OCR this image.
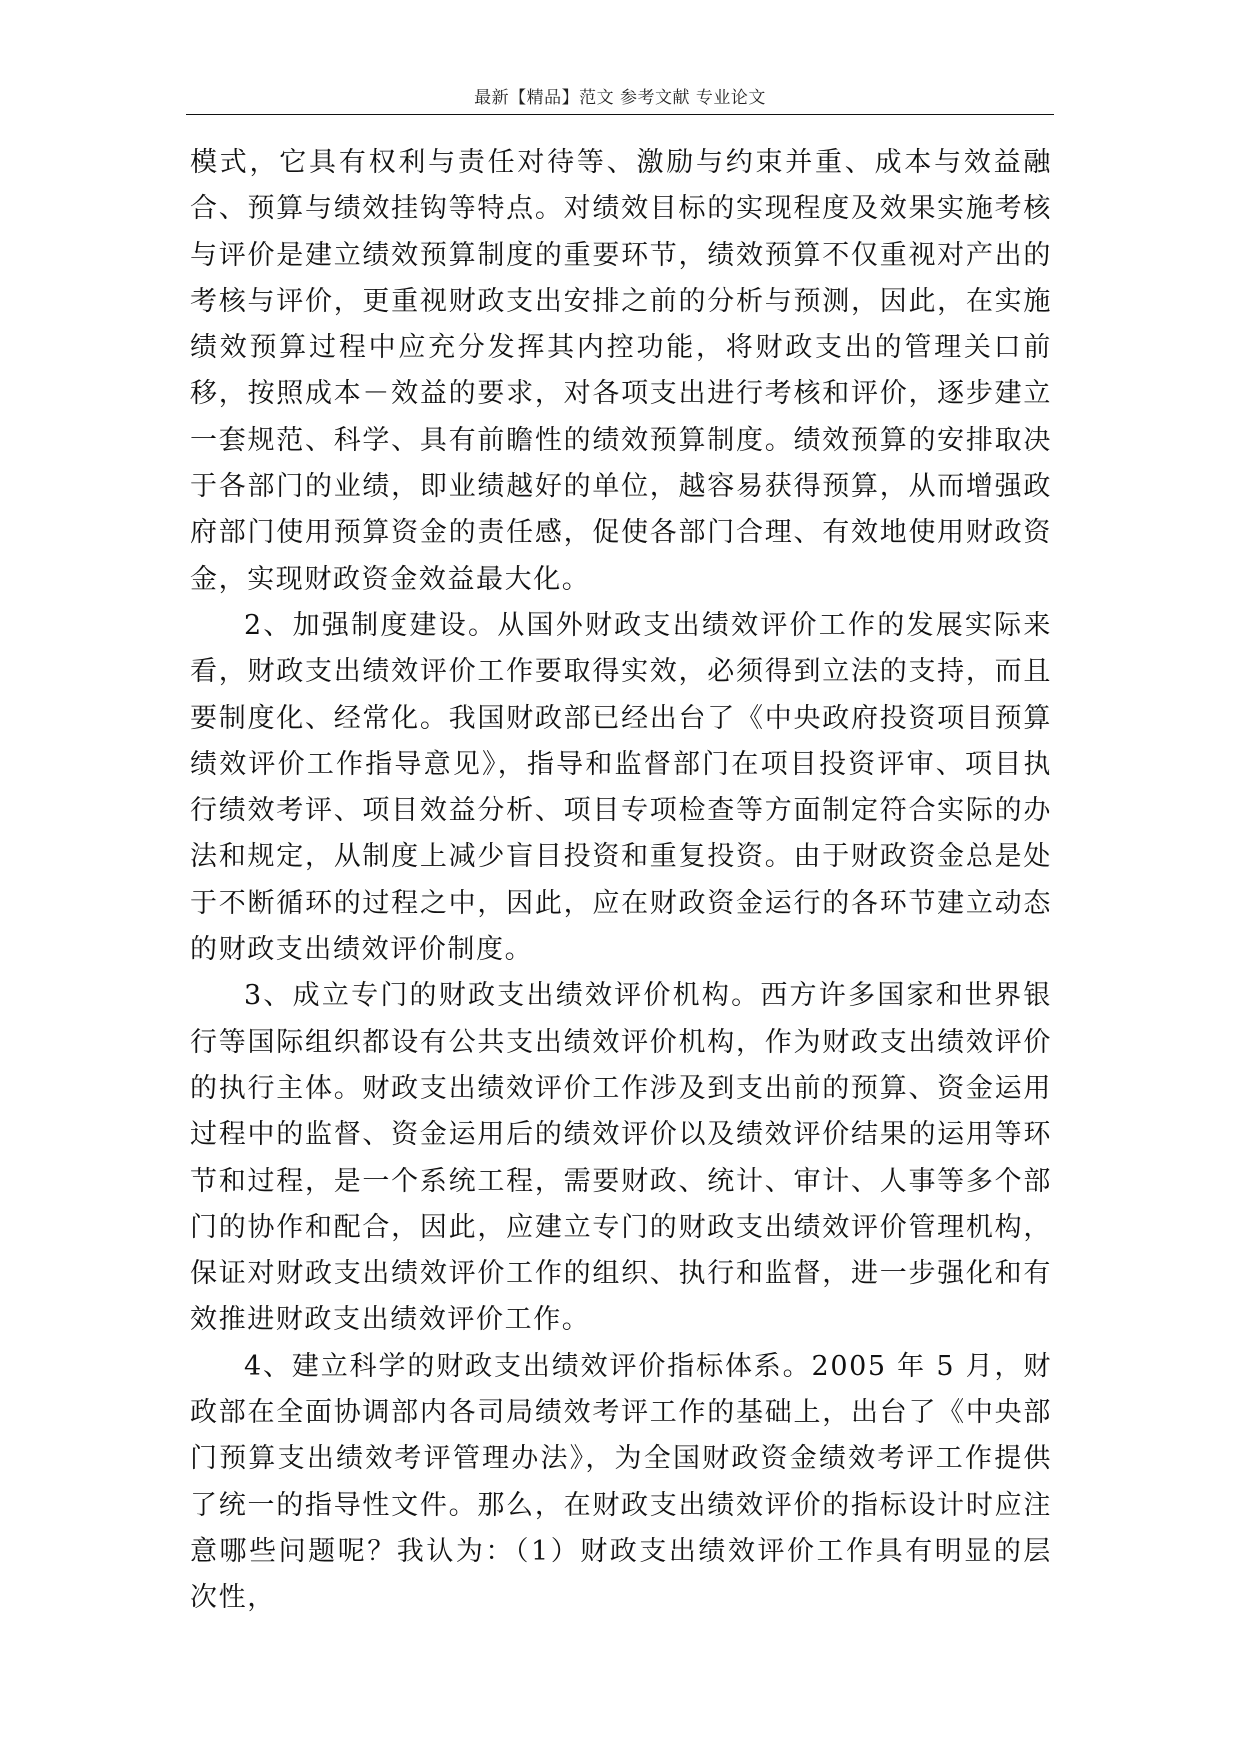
最新【精品】范文 参考文献 专业论文

模式，它具有权利与责任对待等、激励与约束并重、成本与效益融合、预算与绩效挂钩等特点。对绩效目标的实现程度及效果实施考核与评价是建立绩效预算制度的重要环节，绩效预算不仅重视对产出的考核与评价，更重视财政支出安排之前的分析与预测，因此，在实施绩效预算过程中应充分发挥其内控功能，将财政支出的管理关口前移，按照成本－效益的要求，对各项支出进行考核和评价，逐步建立一套规范、科学、具有前瞻性的绩效预算制度。绩效预算的安排取决于各部门的业绩，即业绩越好的单位，越容易获得预算，从而增强政府部门使用预算资金的责任感，促使各部门合理、有效地使用财政资金，实现财政资金效益最大化。

2、加强制度建设。从国外财政支出绩效评价工作的发展实际来看，财政支出绩效评价工作要取得实效，必须得到立法的支持，而且要制度化、经常化。我国财政部已经出台了《中央政府投资项目预算绩效评价工作指导意见》，指导和监督部门在项目投资评审、项目执行绩效考评、项目效益分析、项目专项检查等方面制定符合实际的办法和规定，从制度上减少盲目投资和重复投资。由于财政资金总是处于不断循环的过程之中，因此，应在财政资金运行的各环节建立动态的财政支出绩效评价制度。

3、成立专门的财政支出绩效评价机构。西方许多国家和世界银行等国际组织都设有公共支出绩效评价机构，作为财政支出绩效评价的执行主体。财政支出绩效评价工作涉及到支出前的预算、资金运用过程中的监督、资金运用后的绩效评价以及绩效评价结果的运用等环节和过程，是一个系统工程，需要财政、统计、审计、人事等多个部门的协作和配合，因此，应建立专门的财政支出绩效评价管理机构，保证对财政支出绩效评价工作的组织、执行和监督，进一步强化和有效推进财政支出绩效评价工作。

4、建立科学的财政支出绩效评价指标体系。2005 年 5 月，财政部在全面协调部内各司局绩效考评工作的基础上，出台了《中央部门预算支出绩效考评管理办法》，为全国财政资金绩效考评工作提供了统一的指导性文件。那么，在财政支出绩效评价的指标设计时应注意哪些问题呢？我认为：（1）财政支出绩效评价工作具有明显的层次性，
